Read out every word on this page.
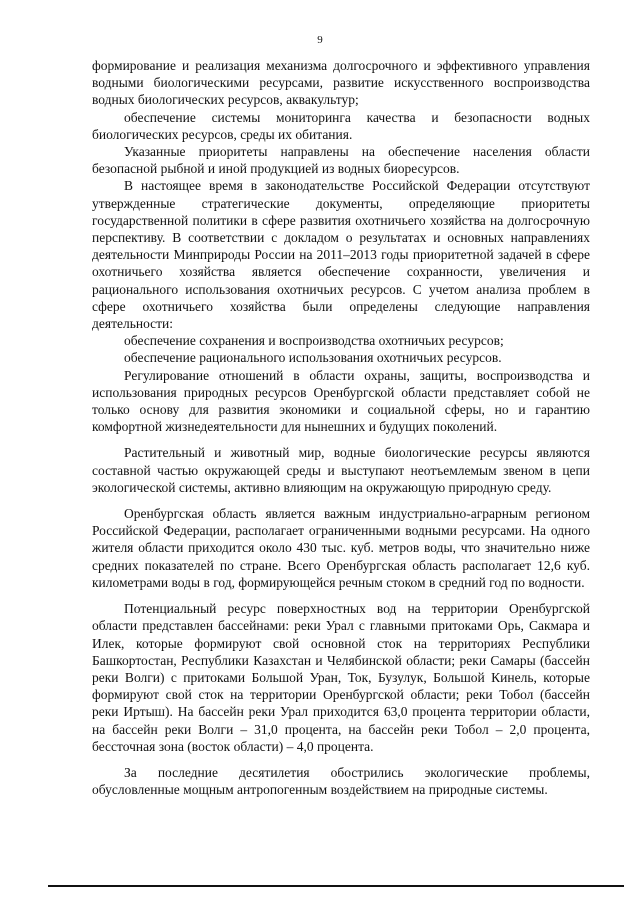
9

формирование и реализация механизма долгосрочного и эффективного управления водными биологическими ресурсами, развитие искусственного воспроизводства водных биологических ресурсов, аквакультур;

обеспечение системы мониторинга качества и безопасности водных биологических ресурсов, среды их обитания.

Указанные приоритеты направлены на обеспечение населения области безопасной рыбной и иной продукцией из водных биоресурсов.

В настоящее время в законодательстве Российской Федерации отсутствуют утвержденные стратегические документы, определяющие приоритеты государственной политики в сфере развития охотничьего хозяйства на долгосрочную перспективу. В соответствии с докладом о результатах и основных направлениях деятельности Минприроды России на 2011–2013 годы приоритетной задачей в сфере охотничьего хозяйства является обеспечение сохранности, увеличения и рационального использования охотничьих ресурсов. С учетом анализа проблем в сфере охотничьего хозяйства были определены следующие направления деятельности:

обеспечение сохранения и воспроизводства охотничьих ресурсов;

обеспечение рационального использования охотничьих ресурсов.

Регулирование отношений в области охраны, защиты, воспроизводства и использования природных ресурсов Оренбургской области представляет собой не только основу для развития экономики и социальной сферы, но и гарантию комфортной жизнедеятельности для нынешних и будущих поколений.

Растительный и животный мир, водные биологические ресурсы являются составной частью окружающей среды и выступают неотъемлемым звеном в цепи экологической системы, активно влияющим на окружающую природную среду.

Оренбургская область является важным индустриально-аграрным регионом Российской Федерации, располагает ограниченными водными ресурсами. На одного жителя области приходится около 430 тыс. куб. метров воды, что значительно ниже средних показателей по стране. Всего Оренбургская область располагает 12,6 куб. километрами воды в год, формирующейся речным стоком в средний год по водности.

Потенциальный ресурс поверхностных вод на территории Оренбургской области представлен бассейнами: реки Урал с главными притоками Орь, Сакмара и Илек, которые формируют свой основной сток на территориях Республики Башкортостан, Республики Казахстан и Челябинской области; реки Самары (бассейн реки Волги) с притоками Большой Уран, Ток, Бузулук, Большой Кинель, которые формируют свой сток на территории Оренбургской области; реки Тобол (бассейн реки Иртыш). На бассейн реки Урал приходится 63,0 процента территории области, на бассейн реки Волги – 31,0 процента, на бассейн реки Тобол – 2,0 процента, бессточная зона (восток области) – 4,0 процента.

За последние десятилетия обострились экологические проблемы, обусловленные мощным антропогенным воздействием на природные системы.
